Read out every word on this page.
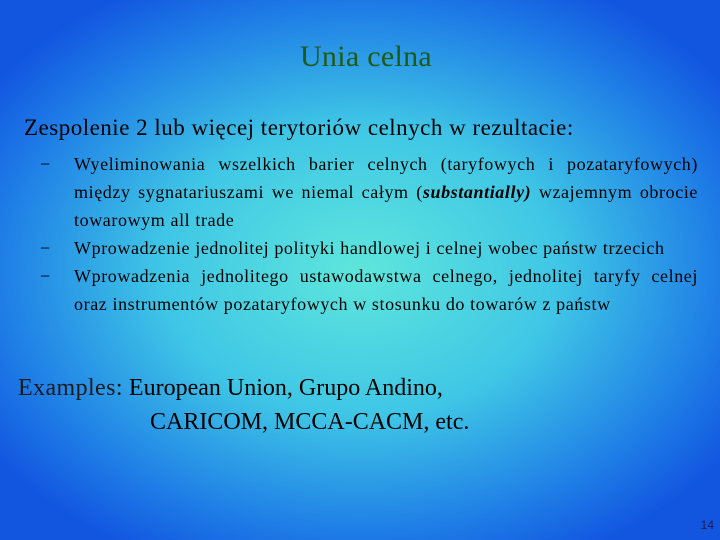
Unia celna
Zespolenie 2 lub więcej terytoriów celnych w rezultacie:
− Wyeliminowania wszelkich barier celnych (taryfowych i pozataryfowych) między sygnatariuszami we niemal całym (substantially) wzajemnym obrocie towarowym all trade
− Wprowadzenie jednolitej polityki handlowej i celnej wobec państw trzecich
− Wprowadzenia jednolitego ustawodawstwa celnego, jednolitej taryfy celnej oraz instrumentów pozataryfowych w stosunku do towarów z państw
Examples: European Union, Grupo Andino,
CARICOM, MCCA-CACM, etc.
14
